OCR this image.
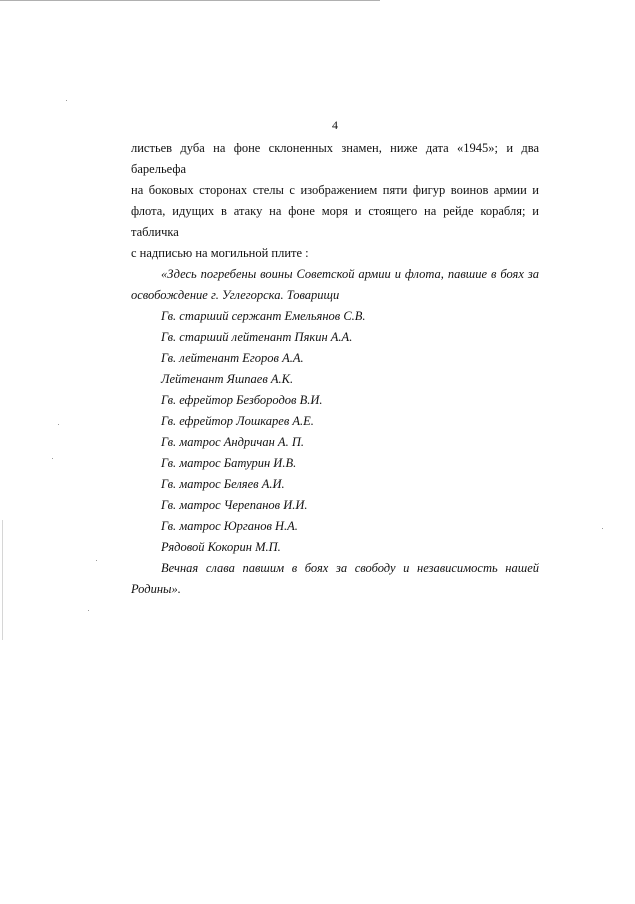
4

листьев дуба на фоне склоненных знамен, ниже дата «1945»; и два барельефа
на боковых сторонах стелы с изображением пяти фигур воинов армии и
флота, идущих в атаку на фоне моря и стоящего на рейде корабля; и табличка
с надписью на могильной плите :

«Здесь погребены воины Советской армии и флота, павшие в боях за
освобождение г. Углегорска. Товарищи

Гв. старший сержант Емельянов С.В.
Гв. старший лейтенант Пякин А.А.
Гв. лейтенант Егоров А.А.
Лейтенант Яшпаев А.К.
Гв. ефрейтор Безбородов В.И.
Гв. ефрейтор Лошкарев А.Е.
Гв. матрос Андричан А. П.
Гв. матрос Батурин И.В.
Гв. матрос Беляев А.И.
Гв. матрос Черепанов И.И.
Гв. матрос Юрганов Н.А.
Рядовой Кокорин М.П.

Вечная слава павшим в боях за свободу и независимость нашей
Родины».
